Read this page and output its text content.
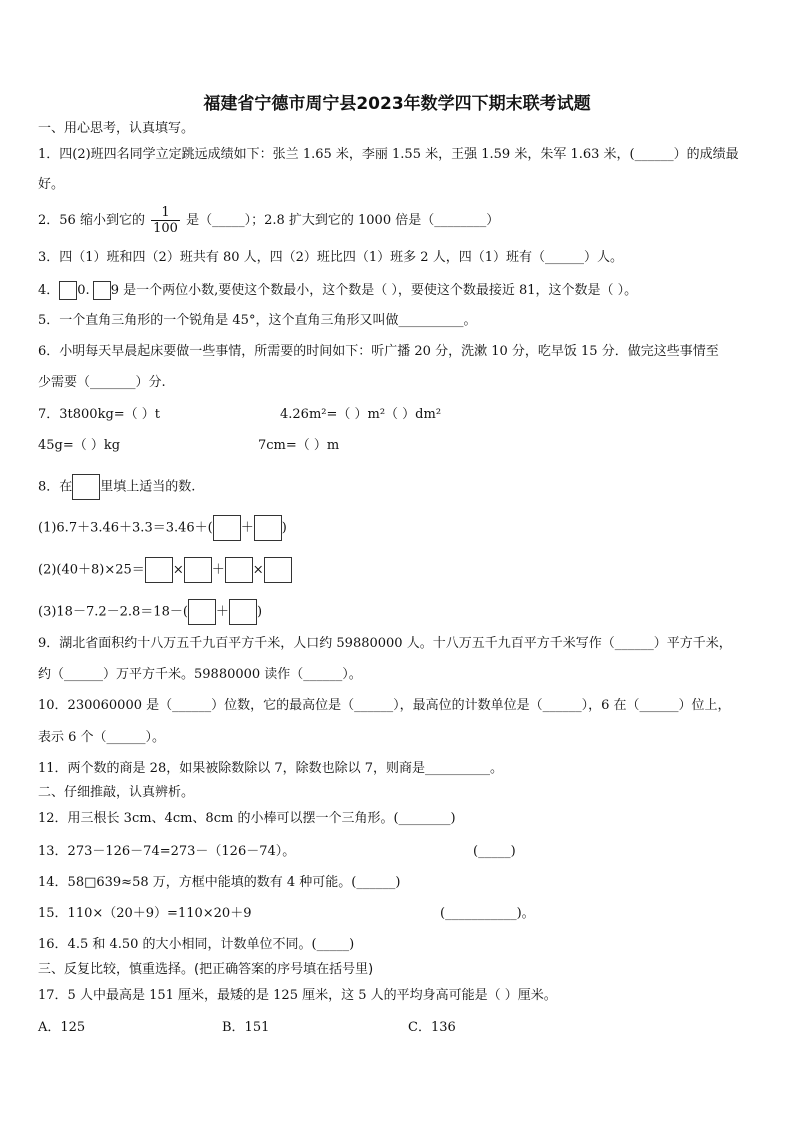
福建省宁德市周宁县2023年数学四下期末联考试题
一、用心思考，认真填写。
1．四(2)班四名同学立定跳远成绩如下：张兰 1.65 米，李丽 1.55 米，王强 1.59 米，朱军 1.63 米，(______）的成绩最
好。
2．56 缩小到它的 $\frac{1}{100}$ 是（_____）；2.8 扩大到它的 1000 倍是（________）
3．四（1）班和四（2）班共有 80 人，四（2）班比四（1）班多 2 人，四（1）班有（______）人。
4． 0. 9 是一个两位小数,要使这个数最小，这个数是（ ），要使这个数最接近 81，这个数是（ ）。
5．一个直角三角形的一个锐角是 45°，这个直角三角形又叫做__________。
6．小明每天早晨起床要做一些事情，所需要的时间如下：听广播 20 分，洗漱 10 分，吃早饭 15 分．做完这些事情至
少需要（_______）分.
7．3t800kg=（ ）t	4.26m²=（ ）m²（ ）dm²
45g=（ ）kg	7cm=（ ）m
8．在 里填上适当的数.
(1)6.7＋3.46＋3.3＝3.46＋( ＋ )
(2)(40＋8)×25＝ × ＋ ×
(3)18－7.2－2.8＝18－( ＋ )
9．湖北省面积约十八万五千九百平方千米，人口约 59880000 人。十八万五千九百平方千米写作（______）平方千米，
约（______）万平方千米。59880000 读作（______）。
10．230060000 是（______）位数，它的最高位是（______），最高位的计数单位是（______），6 在（______）位上，
表示 6 个（______）。
11．两个数的商是 28，如果被除数除以 7，除数也除以 7，则商是__________。
二、仔细推敲，认真辨析。
12．用三根长 3cm、4cm、8cm 的小棒可以摆一个三角形。(________)
13．273－126－74=273－（126－74）。	(_____)
14．58□639≈58 万，方框中能填的数有 4 种可能。(______)
15．110×（20＋9）=110×20＋9	(___________)。
16．4.5 和 4.50 的大小相同，计数单位不同。(_____)
三、反复比较，慎重选择。(把正确答案的序号填在括号里)
17．5 人中最高是 151 厘米，最矮的是 125 厘米，这 5 人的平均身高可能是（ ）厘米。
A．125	B．151	C．136
